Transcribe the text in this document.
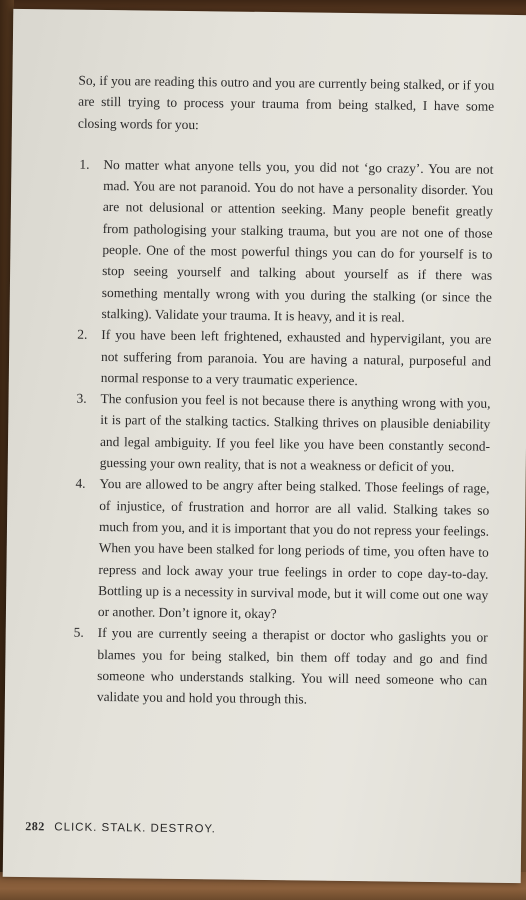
So, if you are reading this outro and you are currently being stalked, or if you are still trying to process your trauma from being stalked, I have some closing words for you:

1. No matter what anyone tells you, you did not ‘go crazy’. You are not mad. You are not paranoid. You do not have a personality disorder. You are not delusional or attention seeking. Many people benefit greatly from pathologising your stalking trauma, but you are not one of those people. One of the most powerful things you can do for yourself is to stop seeing yourself and talking about yourself as if there was something mentally wrong with you during the stalking (or since the stalking). Validate your trauma. It is heavy, and it is real.
2. If you have been left frightened, exhausted and hypervigilant, you are not suffering from paranoia. You are having a natural, purposeful and normal response to a very traumatic experience.
3. The confusion you feel is not because there is anything wrong with you, it is part of the stalking tactics. Stalking thrives on plausible deniability and legal ambiguity. If you feel like you have been constantly second-guessing your own reality, that is not a weakness or deficit of you.
4. You are allowed to be angry after being stalked. Those feelings of rage, of injustice, of frustration and horror are all valid. Stalking takes so much from you, and it is important that you do not repress your feelings. When you have been stalked for long periods of time, you often have to repress and lock away your true feelings in order to cope day-to-day. Bottling up is a necessity in survival mode, but it will come out one way or another. Don’t ignore it, okay?
5. If you are currently seeing a therapist or doctor who gaslights you or blames you for being stalked, bin them off today and go and find someone who understands stalking. You will need someone who can validate you and hold you through this.
282 CLICK. STALK. DESTROY.
